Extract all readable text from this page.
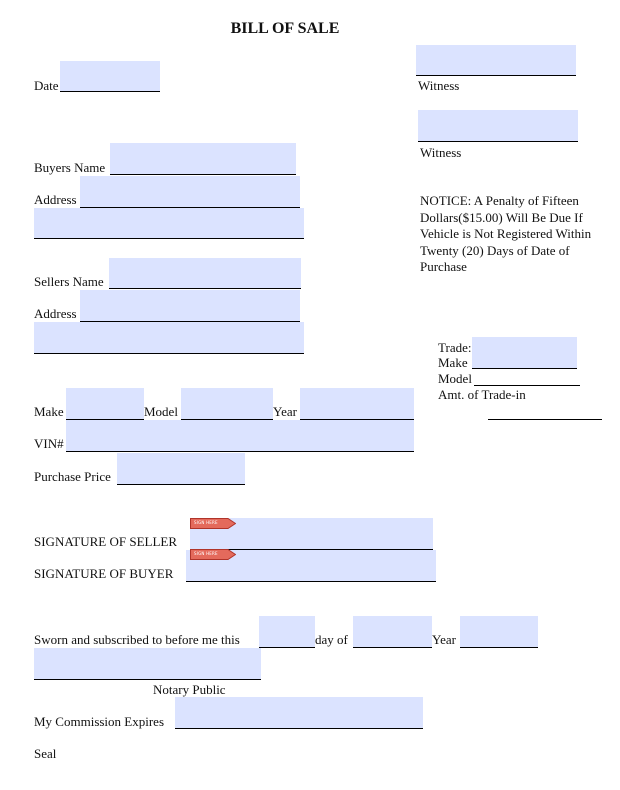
BILL OF SALE
Date	Witness
Witness
Buyers Name
Address	NOTICE: A Penalty of Fifteen Dollars($15.00) Will Be Due If Vehicle is Not Registered Within Twenty (20) Days of Date of Purchase
Sellers Name
Address
Trade:
Make
Model
Amt. of Trade-in
Make	Model	Year
VIN#
Purchase Price
SIGNATURE OF SELLER
SIGN HERE
SIGNATURE OF BUYER
SIGN HERE
Sworn and subscribed to before me this	day of	Year
Notary Public
My Commission Expires
Seal
